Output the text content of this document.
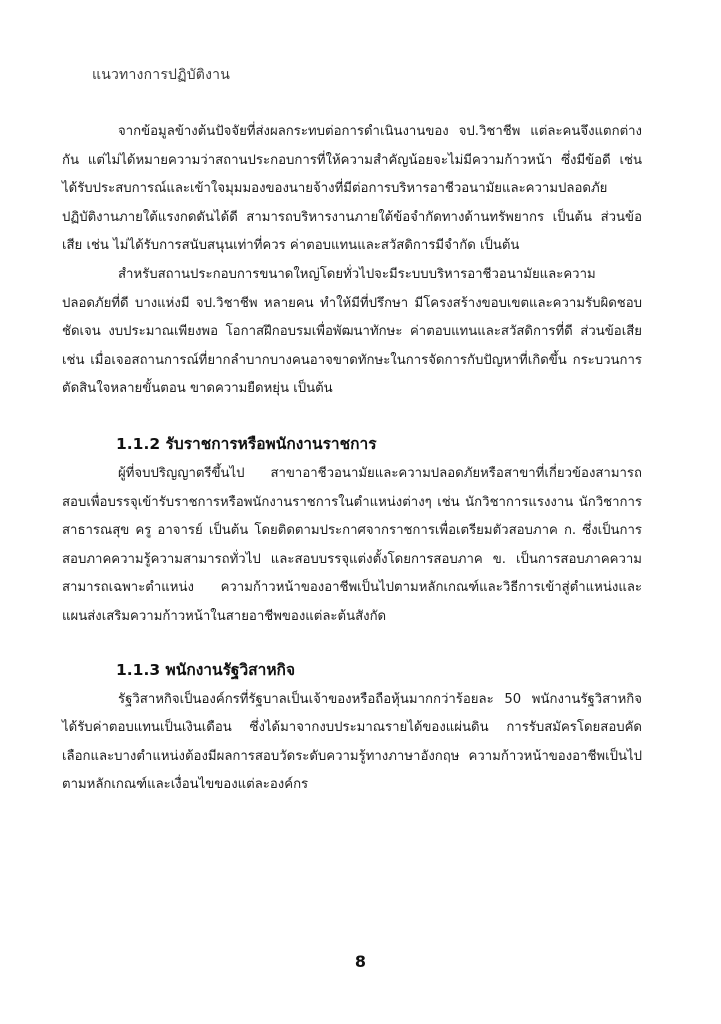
แนวทางการปฏิบัติงาน

จากข้อมูลข้างต้นปัจจัยที่ส่งผลกระทบต่อการดำเนินงานของ จป.วิชาชีพ แต่ละคนจึงแตกต่างกัน แต่ไม่ได้หมายความว่าสถานประกอบการที่ให้ความสำคัญน้อยจะไม่มีความก้าวหน้า ซึ่งมีข้อดี เช่น ได้รับประสบการณ์และเข้าใจมุมมองของนายจ้างที่มีต่อการบริหารอาชีวอนามัยและความปลอดภัย ปฏิบัติงานภายใต้แรงกดดันได้ดี สามารถบริหารงานภายใต้ข้อจำกัดทางด้านทรัพยากร เป็นต้น ส่วนข้อเสีย เช่น ไม่ได้รับการสนับสนุนเท่าที่ควร ค่าตอบแทนและสวัสดิการมีจำกัด เป็นต้น

สำหรับสถานประกอบการขนาดใหญ่โดยทั่วไปจะมีระบบบริหารอาชีวอนามัยและความปลอดภัยที่ดี บางแห่งมี จป.วิชาชีพ หลายคน ทำให้มีที่ปรึกษา มีโครงสร้างขอบเขตและความรับผิดชอบชัดเจน งบประมาณเพียงพอ โอกาสฝึกอบรมเพื่อพัฒนาทักษะ ค่าตอบแทนและสวัสดิการที่ดี ส่วนข้อเสีย เช่น เมื่อเจอสถานการณ์ที่ยากลำบากบางคนอาจขาดทักษะในการจัดการกับปัญหาที่เกิดขึ้น กระบวนการตัดสินใจหลายขั้นตอน ขาดความยืดหยุ่น เป็นต้น

1.1.2 รับราชการหรือพนักงานราชการ

ผู้ที่จบปริญญาตรีขึ้นไป สาขาอาชีวอนามัยและความปลอดภัยหรือสาขาที่เกี่ยวข้องสามารถสอบเพื่อบรรจุเข้ารับราชการหรือพนักงานราชการในตำแหน่งต่างๆ เช่น นักวิชาการแรงงาน นักวิชาการสาธารณสุข ครู อาจารย์ เป็นต้น โดยติดตามประกาศจากราชการเพื่อเตรียมตัวสอบภาค ก. ซึ่งเป็นการสอบภาคความรู้ความสามารถทั่วไป และสอบบรรจุแต่งตั้งโดยการสอบภาค ข. เป็นการสอบภาคความสามารถเฉพาะตำแหน่ง ความก้าวหน้าของอาชีพเป็นไปตามหลักเกณฑ์และวิธีการเข้าสู่ตำแหน่งและแผนส่งเสริมความก้าวหน้าในสายอาชีพของแต่ละต้นสังกัด

1.1.3 พนักงานรัฐวิสาหกิจ

รัฐวิสาหกิจเป็นองค์กรที่รัฐบาลเป็นเจ้าของหรือถือหุ้นมากกว่าร้อยละ 50 พนักงานรัฐวิสาหกิจได้รับค่าตอบแทนเป็นเงินเดือน ซึ่งได้มาจากงบประมาณรายได้ของแผ่นดิน การรับสมัครโดยสอบคัดเลือกและบางตำแหน่งต้องมีผลการสอบวัดระดับความรู้ทางภาษาอังกฤษ ความก้าวหน้าของอาชีพเป็นไปตามหลักเกณฑ์และเงื่อนไขของแต่ละองค์กร

8
